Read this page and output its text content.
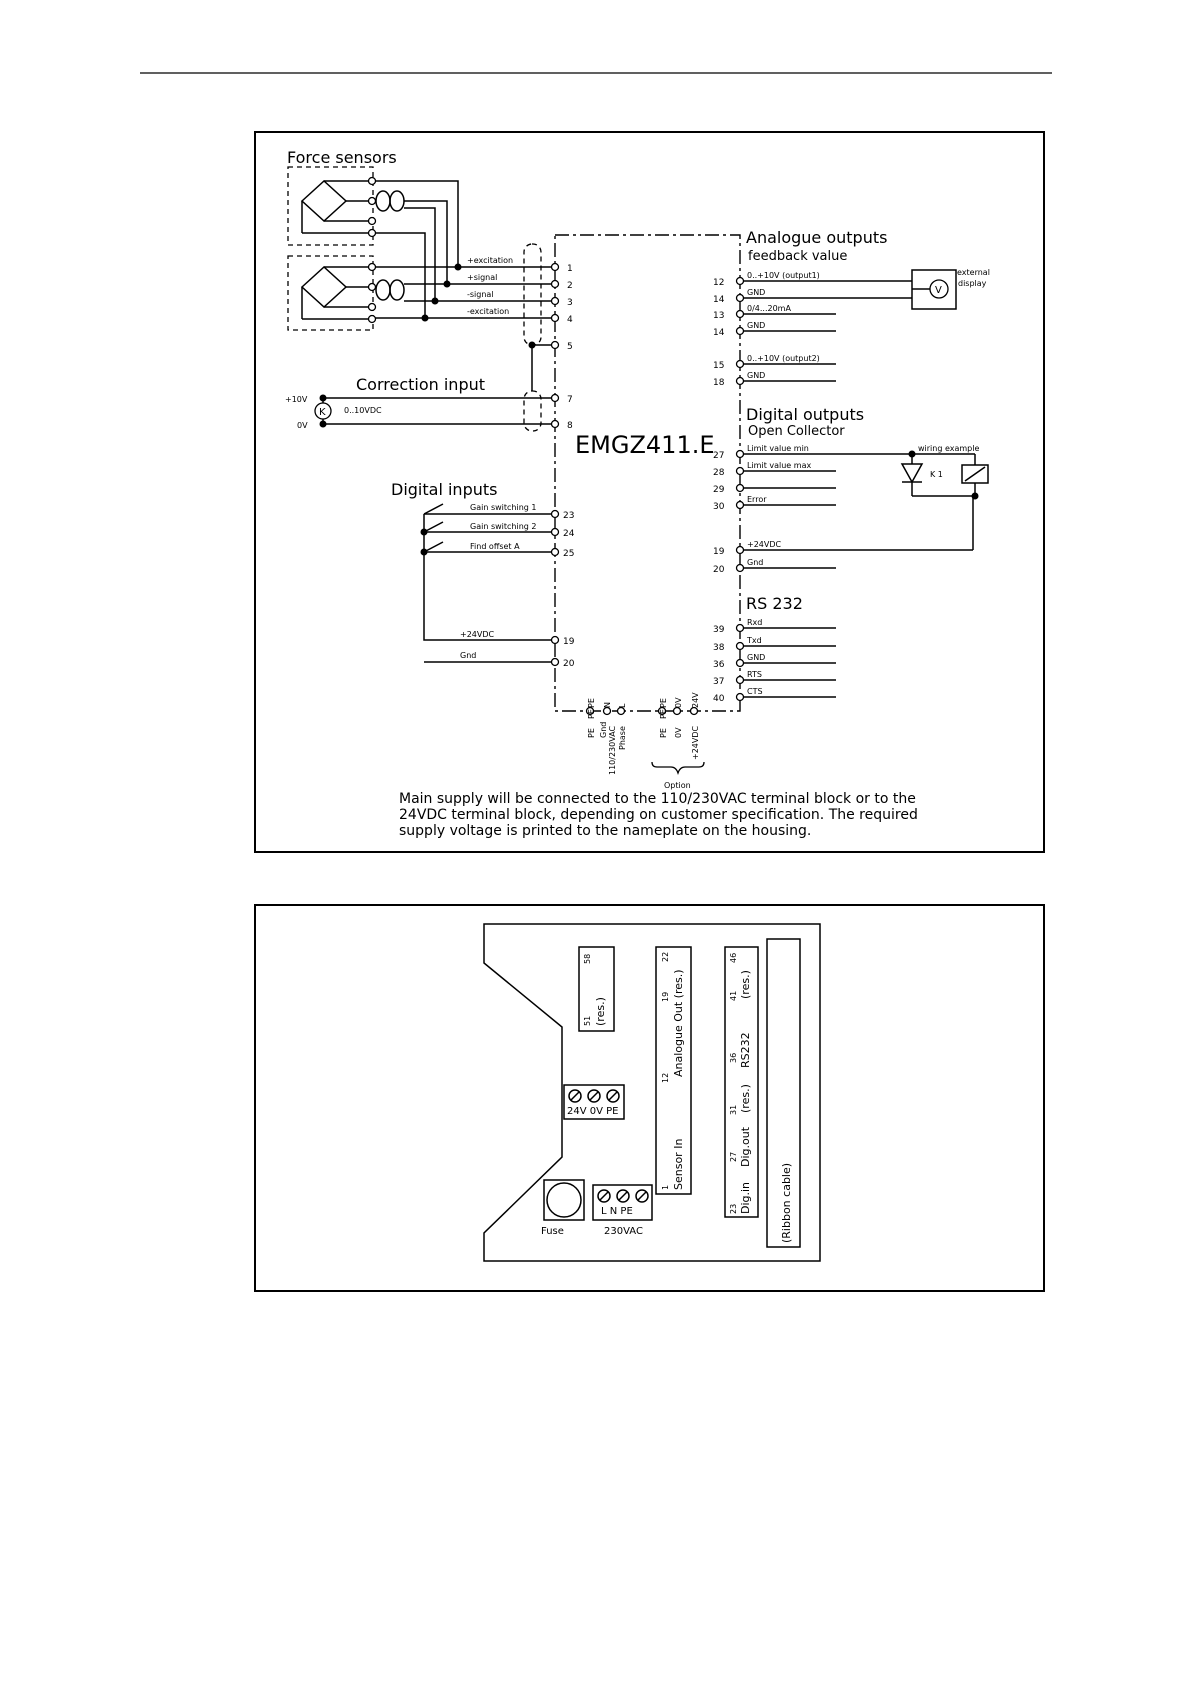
Force sensors
+excitation
+signal
-signal
-excitation
Correction input
+10V
0V
0..10VDC
K
Digital inputs
Gain switching 1
Gain switching 2
Find offset A
+24VDC
Gnd
EMGZ411.E
1
2
3
4
5
7
8
23
24
25
19
20
Analogue outputs
feedback value
12
0..+10V (output1)
14
GND
13
0/4...20mA
14
GND
15
0..+10V (output2)
18
GND
V
external
display
Digital outputs
Open Collector
27
Limit value min
28
Limit value max
29
30
Error
19
+24VDC
20
Gnd
wiring example
K 1
RS 232
39
Rxd
38
Txd
36
GND
37
RTS
40
CTS
PE
PE
N L	PE
PE
0V 24V
PE Gnd 110/230VAC Phase	PE 0V +24VDC
Option
Main supply will be connected to the 110/230VAC terminal block or to the
24VDC terminal block, depending on customer specification. The required
supply voltage is printed to the nameplate on the housing.
51
58
(res.)
24V 0V PE
Fuse
L N PE
230VAC
1
12
19
22
Sensor In
Analogue Out (res.)
23
27
31
36
41
46
Dig.in
Dig.out
(res.)
RS232
(res.)
(Ribbon cable)
